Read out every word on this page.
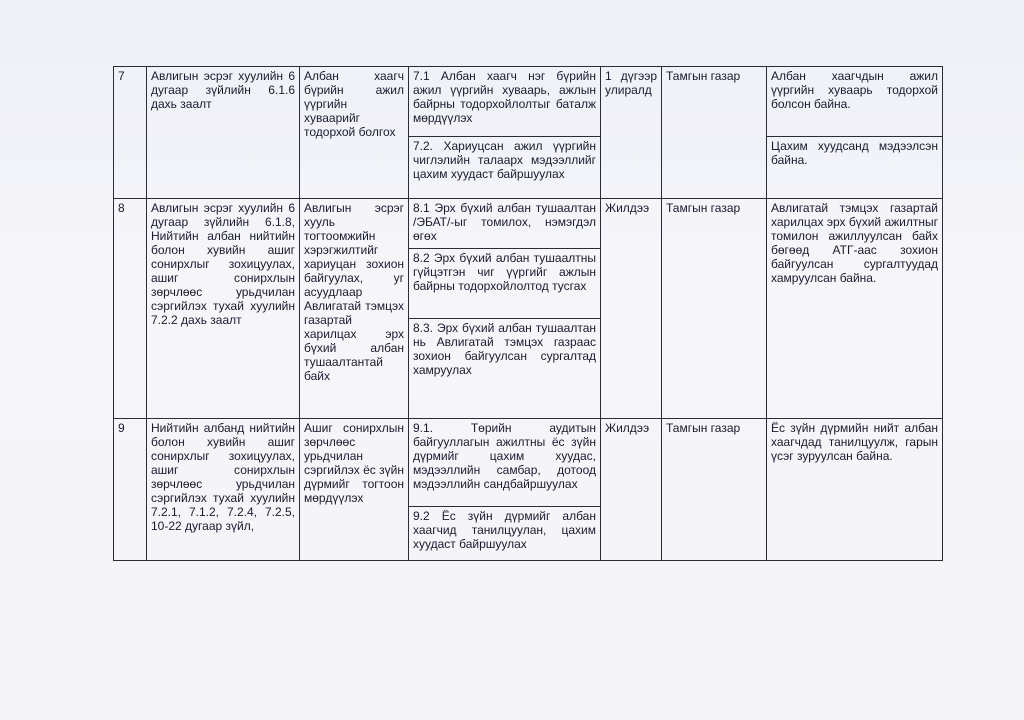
7	Авлигын эсрэг хуулийн 6 дугаар зүйлийн 6.1.6 дахь заалт	Албан хаагч бүрийн ажил үүргийн хуваарийг тодорхой болгох	7.1 Албан хаагч нэг бүрийн ажил үүргийн хуваарь, ажлын байрны тодорхойлолтыг баталж мөрдүүлэх	1 дүгээр улиралд	Тамгын газар	Албан хаагчдын ажил үүргийн хуваарь тодорхой болсон байна.
			7.2. Хариуцсан ажил үүргийн чиглэлийн талаарх мэдээллийг цахим хуудаст байршуулах			Цахим хуудсанд мэдээлсэн байна.
8	Авлигын эсрэг хуулийн 6 дугаар зүйлийн 6.1.8, Нийтийн албан нийтийн болон хувийн ашиг сонирхлыг зохицуулах, ашиг сонирхлын зөрчлөөс урьдчилан сэргийлэх тухай хуулийн 7.2.2 дахь заалт	Авлигын эсрэг хууль тогтоомжийн хэрэгжилтийг хариуцан зохион байгуулах, уг асуудлаар Авлигатай тэмцэх газартай харилцах эрх бүхий албан тушаалтантай байх	8.1 Эрх бүхий албан тушаалтан /ЭБАТ/-ыг томилох, нэмэгдэл өгөх	Жилдээ	Тамгын газар	Авлигатай тэмцэх газартай харилцах эрх бүхий ажилтныг томилон ажиллуулсан байх бөгөөд АТГ-аас зохион байгуулсан сургалтуудад хамруулсан байна.
			8.2 Эрх бүхий албан тушаалтны гүйцэтгэн чиг үүргийг ажлын байрны тодорхойлолтод тусгах			
			8.3. Эрх бүхий албан тушаалтан нь Авлигатай тэмцэх газраас зохион байгуулсан сургалтад хамруулах			
9	Нийтийн албанд нийтийн болон хувийн ашиг сонирхлыг зохицуулах, ашиг сонирхлын зөрчлөөс урьдчилан сэргийлэх тухай хуулийн 7.2.1, 7.1.2, 7.2.4, 7.2.5, 10-22 дугаар зүйл,	Ашиг сонирхлын зөрчлөөс урьдчилан сэргийлэх ёс зүйн дүрмийг тогтоон мөрдүүлэх	9.1. Төрийн аудитын байгууллагын ажилтны ёс зүйн дүрмийг цахим хуудас, мэдээллийн самбар, дотоод мэдээллийн сандбайршуулах	Жилдээ	Тамгын газар	Ёс зүйн дүрмийн нийт албан хаагчдад танилцуулж, гарын үсэг зуруулсан байна.
			9.2 Ёс зүйн дүрмийг албан хаагчид танилцуулан, цахим хуудаст байршуулах			
